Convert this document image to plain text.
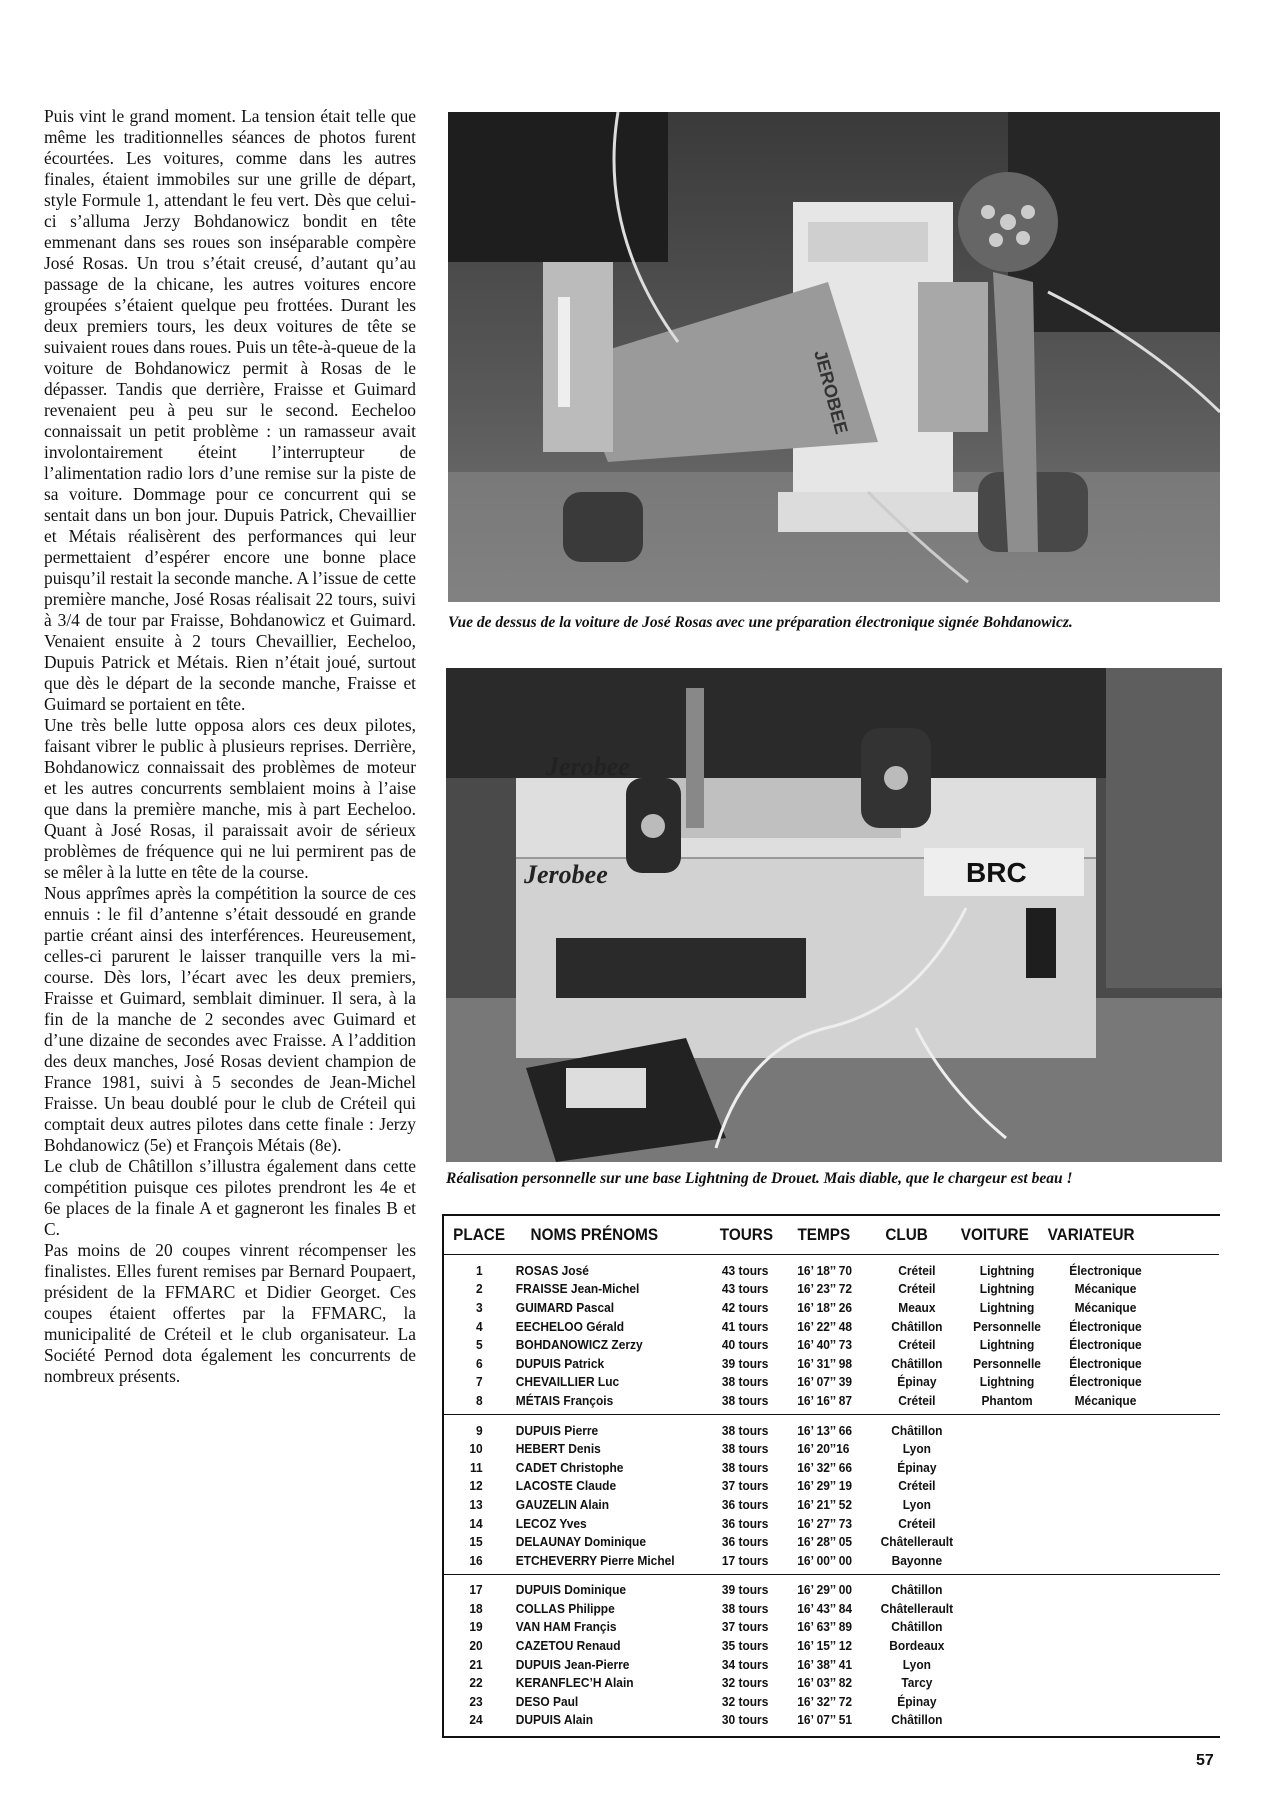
Puis vint le grand moment. La tension était telle que même les traditionnelles séances de photos furent écourtées. Les voitures, comme dans les autres finales, étaient immobiles sur une grille de départ, style Formule 1, attendant le feu vert. Dès que celui-ci s’alluma Jerzy Bohdanowicz bondit en tête emmenant dans ses roues son inséparable compère José Rosas. Un trou s’était creusé, d’autant qu’au passage de la chicane, les autres voitures encore groupées s’étaient quelque peu frottées. Durant les deux premiers tours, les deux voitures de tête se suivaient roues dans roues. Puis un tête-à-queue de la voiture de Bohdanowicz permit à Rosas de le dépasser. Tandis que derrière, Fraisse et Guimard revenaient peu à peu sur le second. Eecheloo connaissait un petit problème : un ramasseur avait involontairement éteint l’interrupteur de l’alimentation radio lors d’une remise sur la piste de sa voiture. Dommage pour ce concurrent qui se sentait dans un bon jour. Dupuis Patrick, Chevaillier et Métais réalisèrent des performances qui leur permettaient d’espérer encore une bonne place puisqu’il restait la seconde manche. A l’issue de cette première manche, José Rosas réalisait 22 tours, suivi à 3/4 de tour par Fraisse, Bohdanowicz et Guimard. Venaient ensuite à 2 tours Chevaillier, Eecheloo, Dupuis Patrick et Métais. Rien n’était joué, surtout que dès le départ de la seconde manche, Fraisse et Guimard se portaient en tête.

Une très belle lutte opposa alors ces deux pilotes, faisant vibrer le public à plusieurs reprises. Derrière, Bohdanowicz connaissait des problèmes de moteur et les autres concurrents semblaient moins à l’aise que dans la première manche, mis à part Eecheloo. Quant à José Rosas, il paraissait avoir de sérieux problèmes de fréquence qui ne lui permirent pas de se mêler à la lutte en tête de la course.

Nous apprîmes après la compétition la source de ces ennuis : le fil d’antenne s’était dessoudé en grande partie créant ainsi des interférences. Heureusement, celles-ci parurent le laisser tranquille vers la mi-course. Dès lors, l’écart avec les deux premiers, Fraisse et Guimard, semblait diminuer. Il sera, à la fin de la manche de 2 secondes avec Guimard et d’une dizaine de secondes avec Fraisse. A l’addition des deux manches, José Rosas devient champion de France 1981, suivi à 5 secondes de Jean-Michel Fraisse. Un beau doublé pour le club de Créteil qui comptait deux autres pilotes dans cette finale : Jerzy Bohdanowicz (5e) et François Métais (8e).

Le club de Châtillon s’illustra également dans cette compétition puisque ces pilotes prendront les 4e et 6e places de la finale A et gagneront les finales B et C.

Pas moins de 20 coupes vinrent récompenser les finalistes. Elles furent remises par Bernard Poupaert, président de la FFMARC et Didier Georget. Ces coupes étaient offertes par la FFMARC, la municipalité de Créteil et le club organisateur. La Société Pernod dota également les concurrents de nombreux présents.

JEROBEE
Vue de dessus de la voiture de José Rosas avec une préparation électronique signée Bohdanowicz.
Jerobee
Jerobee	BRC
Réalisation personnelle sur une base Lightning de Drouet. Mais diable, que le chargeur est beau !
PLACE	NOMS PRÉNOMS	TOURS	TEMPS	CLUB	VOITURE	VARIATEUR
1	ROSAS José	43 tours	16’ 18’’ 70	Créteil	Lightning	Électronique
2	FRAISSE Jean-Michel	43 tours	16’ 23’’ 72	Créteil	Lightning	Mécanique
3	GUIMARD Pascal	42 tours	16’ 18’’ 26	Meaux	Lightning	Mécanique
4	EECHELOO Gérald	41 tours	16’ 22’’ 48	Châtillon	Personnelle	Électronique
5	BOHDANOWICZ Zerzy	40 tours	16’ 40’’ 73	Créteil	Lightning	Électronique
6	DUPUIS Patrick	39 tours	16’ 31’’ 98	Châtillon	Personnelle	Électronique
7	CHEVAILLIER Luc	38 tours	16’ 07’’ 39	Épinay	Lightning	Électronique
8	MÉTAIS François	38 tours	16’ 16’’ 87	Créteil	Phantom	Mécanique
9	DUPUIS Pierre	38 tours	16’ 13’’ 66	Châtillon
10	HEBERT Denis	38 tours	16’ 20’’16	Lyon
11	CADET Christophe	38 tours	16’ 32’’ 66	Épinay
12	LACOSTE Claude	37 tours	16’ 29’’ 19	Créteil
13	GAUZELIN Alain	36 tours	16’ 21’’ 52	Lyon
14	LECOZ Yves	36 tours	16’ 27’’ 73	Créteil
15	DELAUNAY Dominique	36 tours	16’ 28’’ 05	Châtellerault
16	ETCHEVERRY Pierre Michel	17 tours	16’ 00’’ 00	Bayonne
17	DUPUIS Dominique	39 tours	16’ 29’’ 00	Châtillon
18	COLLAS Philippe	38 tours	16’ 43’’ 84	Châtellerault
19	VAN HAM Françis	37 tours	16’ 63’’ 89	Châtillon
20	CAZETOU Renaud	35 tours	16’ 15’’ 12	Bordeaux
21	DUPUIS Jean-Pierre	34 tours	16’ 38’’ 41	Lyon
22	KERANFLEC’H Alain	32 tours	16’ 03’’ 82	Tarcy
23	DESO Paul	32 tours	16’ 32’’ 72	Épinay
24	DUPUIS Alain	30 tours	16’ 07’’ 51	Châtillon
57
